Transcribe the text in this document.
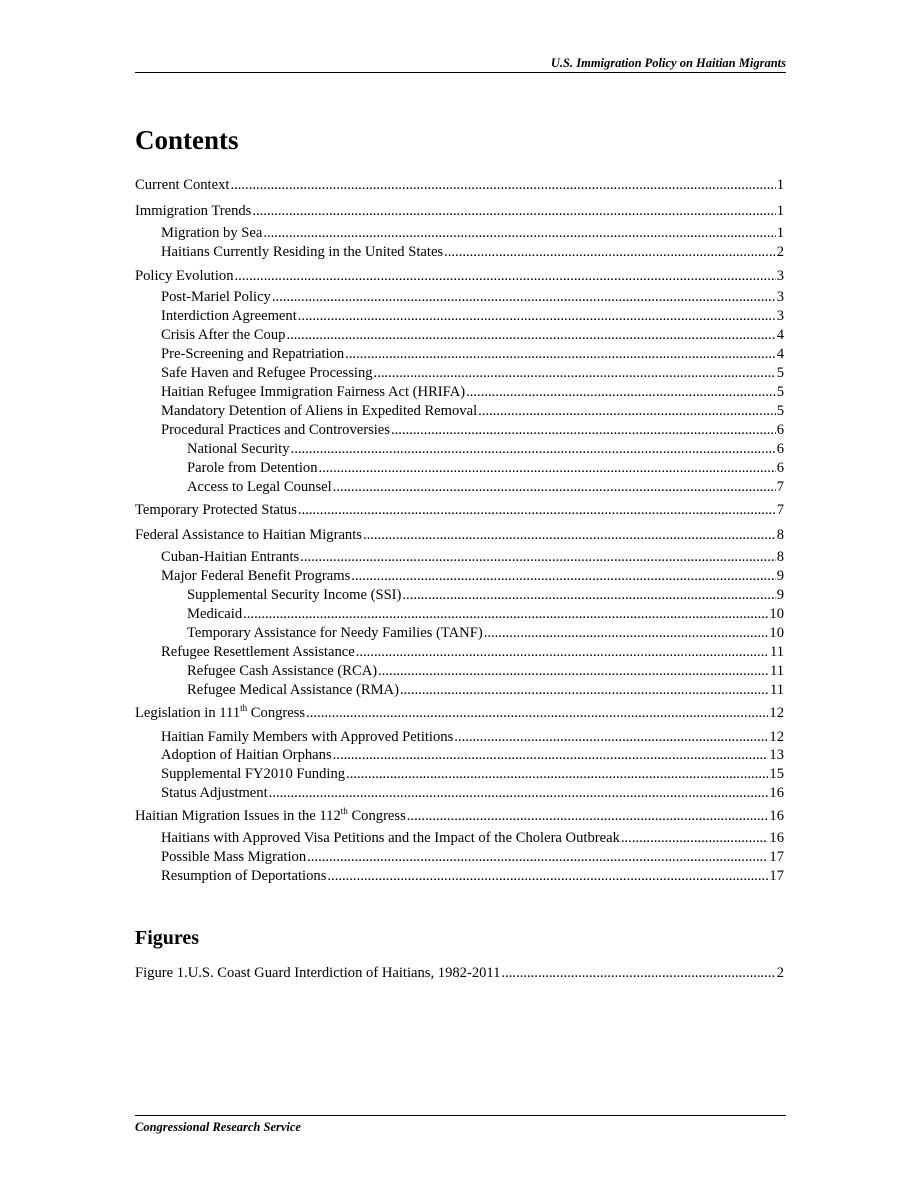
U.S. Immigration Policy on Haitian Migrants
Contents
Current Context .....	1
Immigration Trends .....	1
Migration by Sea .....	1
Haitians Currently Residing in the United States .....	2
Policy Evolution .....	3
Post-Mariel Policy .....	3
Interdiction Agreement .....	3
Crisis After the Coup .....	4
Pre-Screening and Repatriation .....	4
Safe Haven and Refugee Processing .....	5
Haitian Refugee Immigration Fairness Act (HRIFA) .....	5
Mandatory Detention of Aliens in Expedited Removal .....	5
Procedural Practices and Controversies .....	6
National Security .....	6
Parole from Detention .....	6
Access to Legal Counsel .....	7
Temporary Protected Status .....	7
Federal Assistance to Haitian Migrants .....	8
Cuban-Haitian Entrants .....	8
Major Federal Benefit Programs .....	9
Supplemental Security Income (SSI) .....	9
Medicaid .....	10
Temporary Assistance for Needy Families (TANF) .....	10
Refugee Resettlement Assistance .....	11
Refugee Cash Assistance (RCA) .....	11
Refugee Medical Assistance (RMA) .....	11
Legislation in 111th Congress .....	12
Haitian Family Members with Approved Petitions .....	12
Adoption of Haitian Orphans .....	13
Supplemental FY2010 Funding .....	15
Status Adjustment .....	16
Haitian Migration Issues in the 112th Congress .....	16
Haitians with Approved Visa Petitions and the Impact of the Cholera Outbreak .....	16
Possible Mass Migration .....	17
Resumption of Deportations .....	17
Figures
Figure 1.U.S. Coast Guard Interdiction of Haitians, 1982-2011 .....	2
Congressional Research Service
